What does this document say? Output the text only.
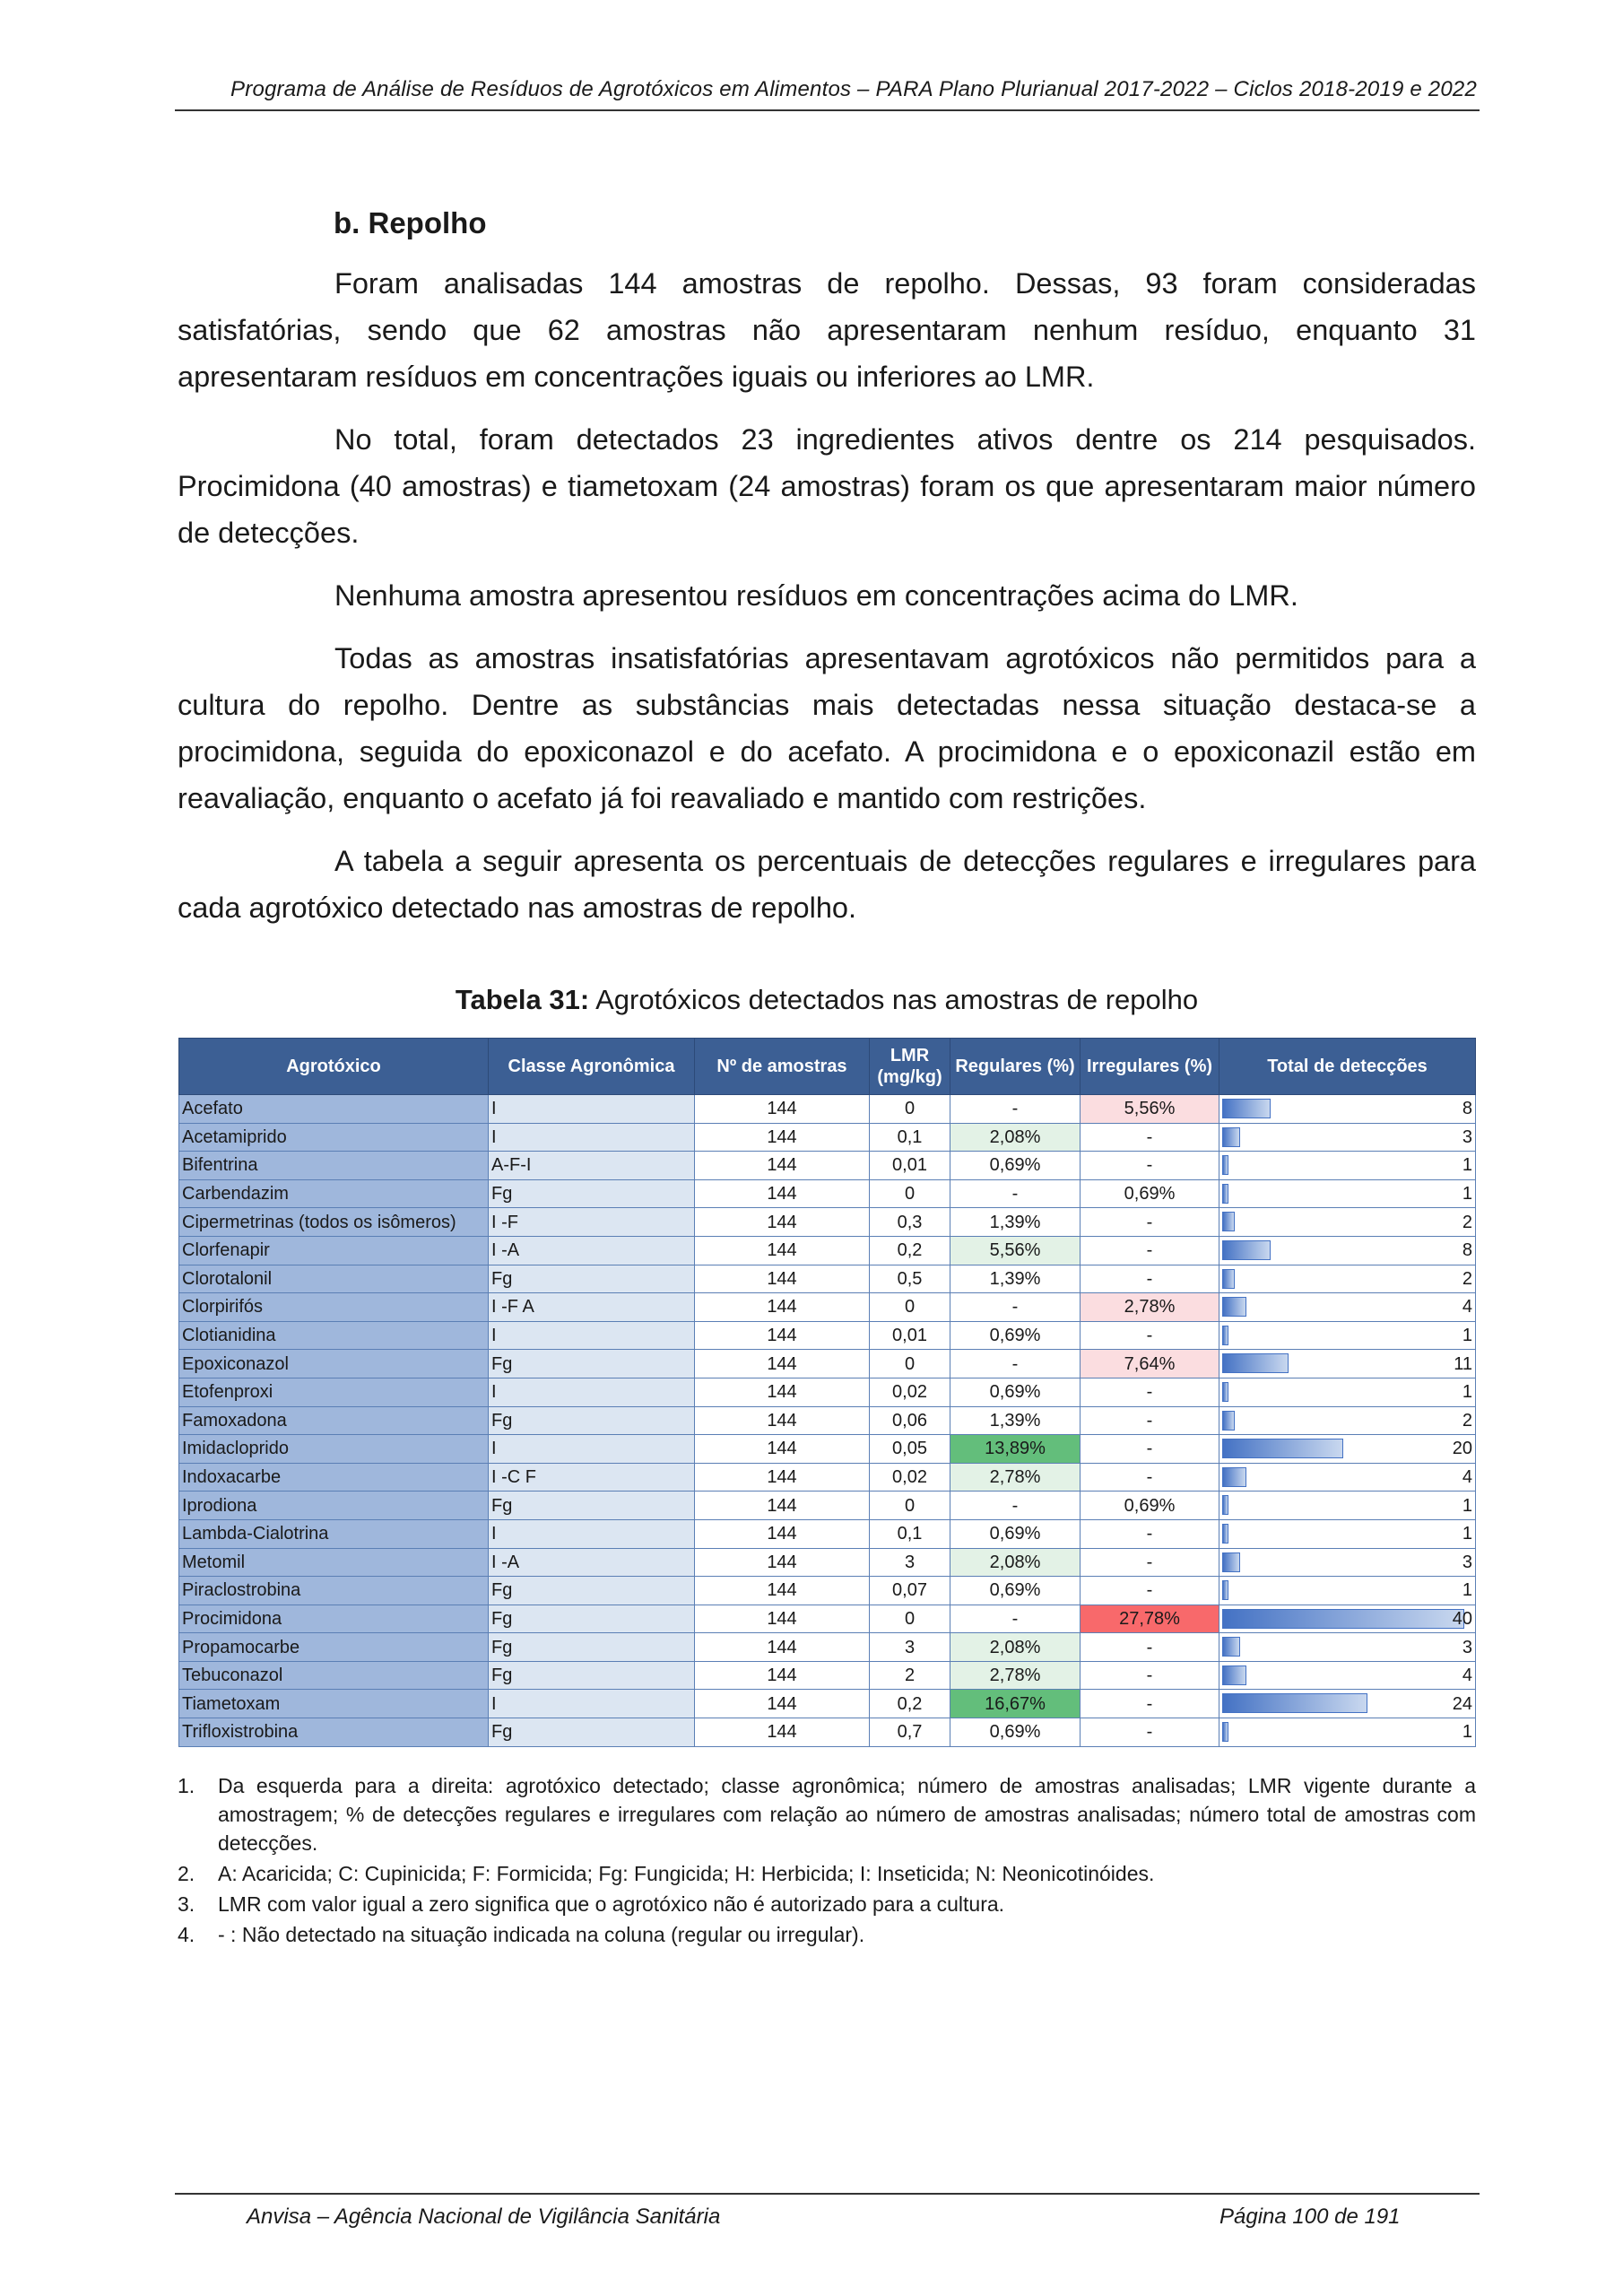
Programa de Análise de Resíduos de Agrotóxicos em Alimentos – PARA Plano Plurianual 2017-2022 – Ciclos 2018-2019 e 2022
b. Repolho

Foram analisadas 144 amostras de repolho. Dessas, 93 foram consideradas satisfatórias, sendo que 62 amostras não apresentaram nenhum resíduo, enquanto 31 apresentaram resíduos em concentrações iguais ou inferiores ao LMR.

No total, foram detectados 23 ingredientes ativos dentre os 214 pesquisados. Procimidona (40 amostras) e tiametoxam (24 amostras) foram os que apresentaram maior número de detecções.

Nenhuma amostra apresentou resíduos em concentrações acima do LMR.

Todas as amostras insatisfatórias apresentavam agrotóxicos não permitidos para a cultura do repolho. Dentre as substâncias mais detectadas nessa situação destaca-se a procimidona, seguida do epoxiconazol e do acefato. A procimidona e o epoxiconazil estão em reavaliação, enquanto o acefato já foi reavaliado e mantido com restrições.

A tabela a seguir apresenta os percentuais de detecções regulares e irregulares para cada agrotóxico detectado nas amostras de repolho.

Tabela 31: Agrotóxicos detectados nas amostras de repolho
Agrotóxico	Classe Agronômica	Nº de amostras	LMR (mg/kg)	Regulares (%)	Irregulares (%)	Total de detecções
Acefato	I	144	0	-	5,56%	8
Acetamiprido	I	144	0,1	2,08%	-	3
Bifentrina	A-F-I	144	0,01	0,69%	-	1
Carbendazim	Fg	144	0	-	0,69%	1
Cipermetrinas (todos os isômeros)	I -F	144	0,3	1,39%	-	2
Clorfenapir	I -A	144	0,2	5,56%	-	8
Clorotalonil	Fg	144	0,5	1,39%	-	2
Clorpirifós	I -F A	144	0	-	2,78%	4
Clotianidina	I	144	0,01	0,69%	-	1
Epoxiconazol	Fg	144	0	-	7,64%	11
Etofenproxi	I	144	0,02	0,69%	-	1
Famoxadona	Fg	144	0,06	1,39%	-	2
Imidacloprido	I	144	0,05	13,89%	-	20
Indoxacarbe	I -C F	144	0,02	2,78%	-	4
Iprodiona	Fg	144	0	-	0,69%	1
Lambda-Cialotrina	I	144	0,1	0,69%	-	1
Metomil	I -A	144	3	2,08%	-	3
Piraclostrobina	Fg	144	0,07	0,69%	-	1
Procimidona	Fg	144	0	-	27,78%	40
Propamocarbe	Fg	144	3	2,08%	-	3
Tebuconazol	Fg	144	2	2,78%	-	4
Tiametoxam	I	144	0,2	16,67%	-	24
Trifloxistrobina	Fg	144	0,7	0,69%	-	1
1. Da esquerda para a direita: agrotóxico detectado; classe agronômica; número de amostras analisadas; LMR vigente durante a amostragem; % de detecções regulares e irregulares com relação ao número de amostras analisadas; número total de amostras com detecções.
2. A: Acaricida; C: Cupinicida; F: Formicida; Fg: Fungicida; H: Herbicida; I: Inseticida; N: Neonicotinóides.
3. LMR com valor igual a zero significa que o agrotóxico não é autorizado para a cultura.
4. - : Não detectado na situação indicada na coluna (regular ou irregular).
Anvisa – Agência Nacional de Vigilância Sanitária	Página 100 de 191
